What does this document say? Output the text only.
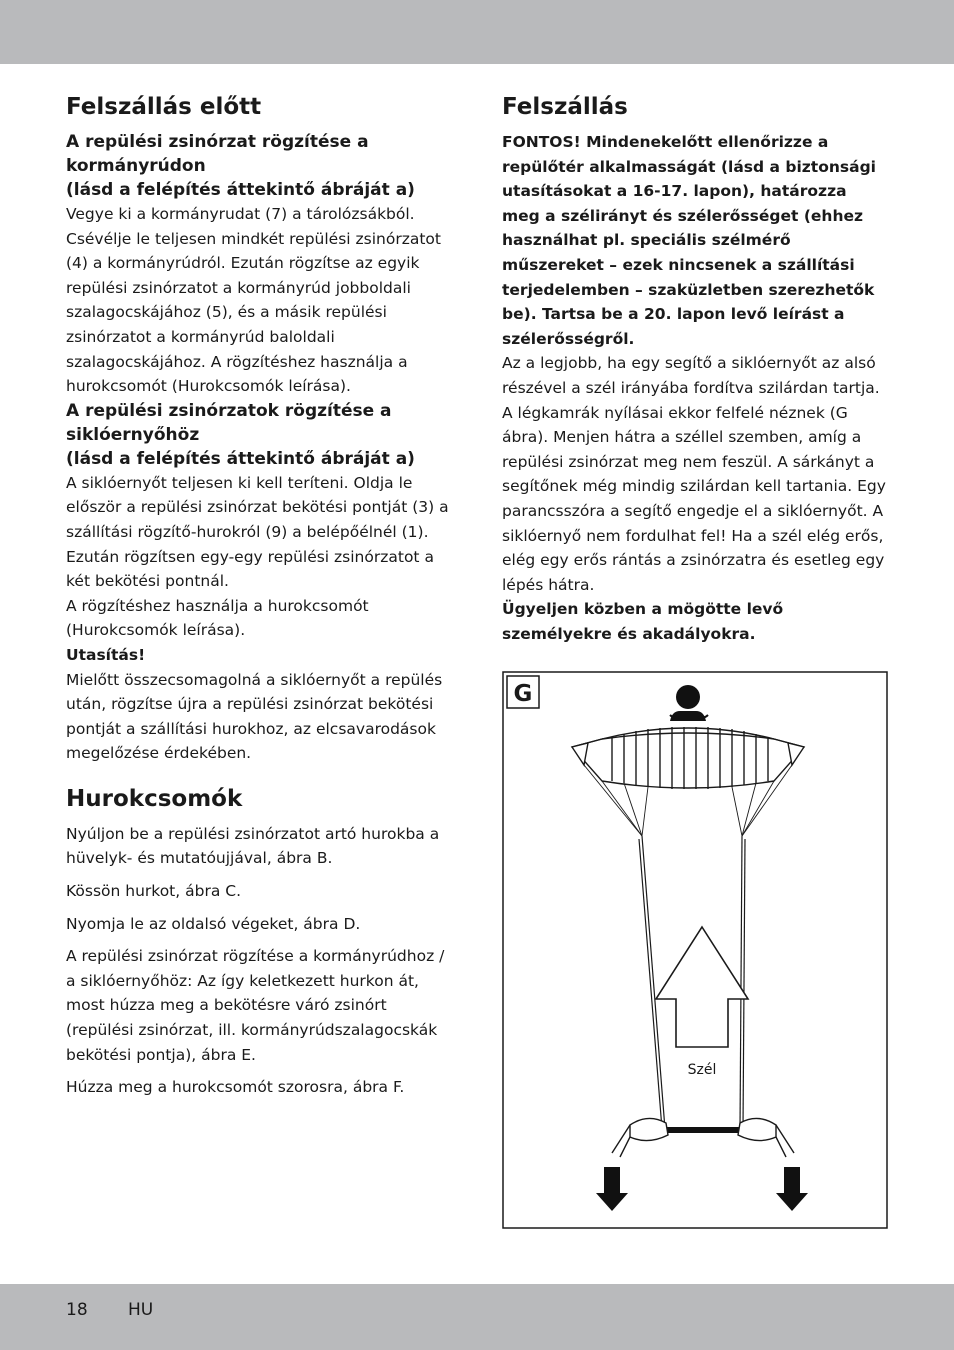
Felszállás előtt
A repülési zsinórzat rögzítése a kormányrúdon
(lásd a felépítés áttekintő ábráját a)

Vegye ki a kormányrudat (7) a tárolózsákból. Csévélje le teljesen mindkét repülési zsinórzatot (4) a kormányrúdról. Ezután rögzítse az egyik repülési zsinórzatot a kormányrúd jobboldali szalagocskájához (5), és a másik repülési zsinórzatot a kormányrúd baloldali szalagocskájához. A rögzítéshez használja a hurokcsomót (Hurokcsomók leírása).

A repülési zsinórzatok rögzítése a siklóernyőhöz
(lásd a felépítés áttekintő ábráját a)

A siklóernyőt teljesen ki kell teríteni. Oldja le először a repülési zsinórzat bekötési pontját (3) a szállítási rögzítő-hurokról (9) a belépőélnél (1). Ezután rögzítsen egy-egy repülési zsinórzatot a két bekötési pontnál.

A rögzítéshez használja a hurokcsomót (Hurokcsomók leírása).

Utasítás!

Mielőtt összecsomagolná a siklóernyőt a repülés után, rögzítse újra a repülési zsinórzat bekötési pontját a szállítási hurokhoz, az elcsavarodások megelőzése érdekében.

Hurokcsomók

Nyúljon be a repülési zsinórzatot artó hurokba a hüvelyk- és mutatóujjával, ábra B.

Kössön hurkot, ábra C.

Nyomja le az oldalsó végeket, ábra D.

A repülési zsinórzat rögzítése a kormányrúdhoz / a siklóernyőhöz: Az így keletkezett hurkon át, most húzza meg a bekötésre váró zsinórt (repülési zsinórzat, ill. kormányrúdszalagocskák bekötési pontja), ábra E.

Húzza meg a hurokcsomót szorosra, ábra F.

Felszállás

FONTOS! Mindenekelőtt ellenőrizze a repülőtér alkalmasságát (lásd a biztonsági utasításokat a 16-17. lapon), határozza meg a szélirányt és szélerősséget (ehhez használhat pl. speciális szélmérő műszereket – ezek nincsenek a szállítási terjedelemben – szaküzletben szerezhetők be). Tartsa be a 20. lapon levő leírást a szélerősségről.

Az a legjobb, ha egy segítő a siklóernyőt az alsó részével a szél irányába fordítva szilárdan tartja. A légkamrák nyílásai ekkor felfelé néznek (G ábra). Menjen hátra a széllel szemben, amíg a repülési zsinórzat meg nem feszül. A sárkányt a segítőnek még mindig szilárdan kell tartania. Egy parancsszóra a segítő engedje el a siklóernyőt. A siklóernyő nem fordulhat fel! Ha a szél elég erős, elég egy erős rántás a zsinórzatra és esetleg egy lépés hátra.

Ügyeljen közben a mögötte levő személyekre és akadályokra.

G
Szél
18 HU
